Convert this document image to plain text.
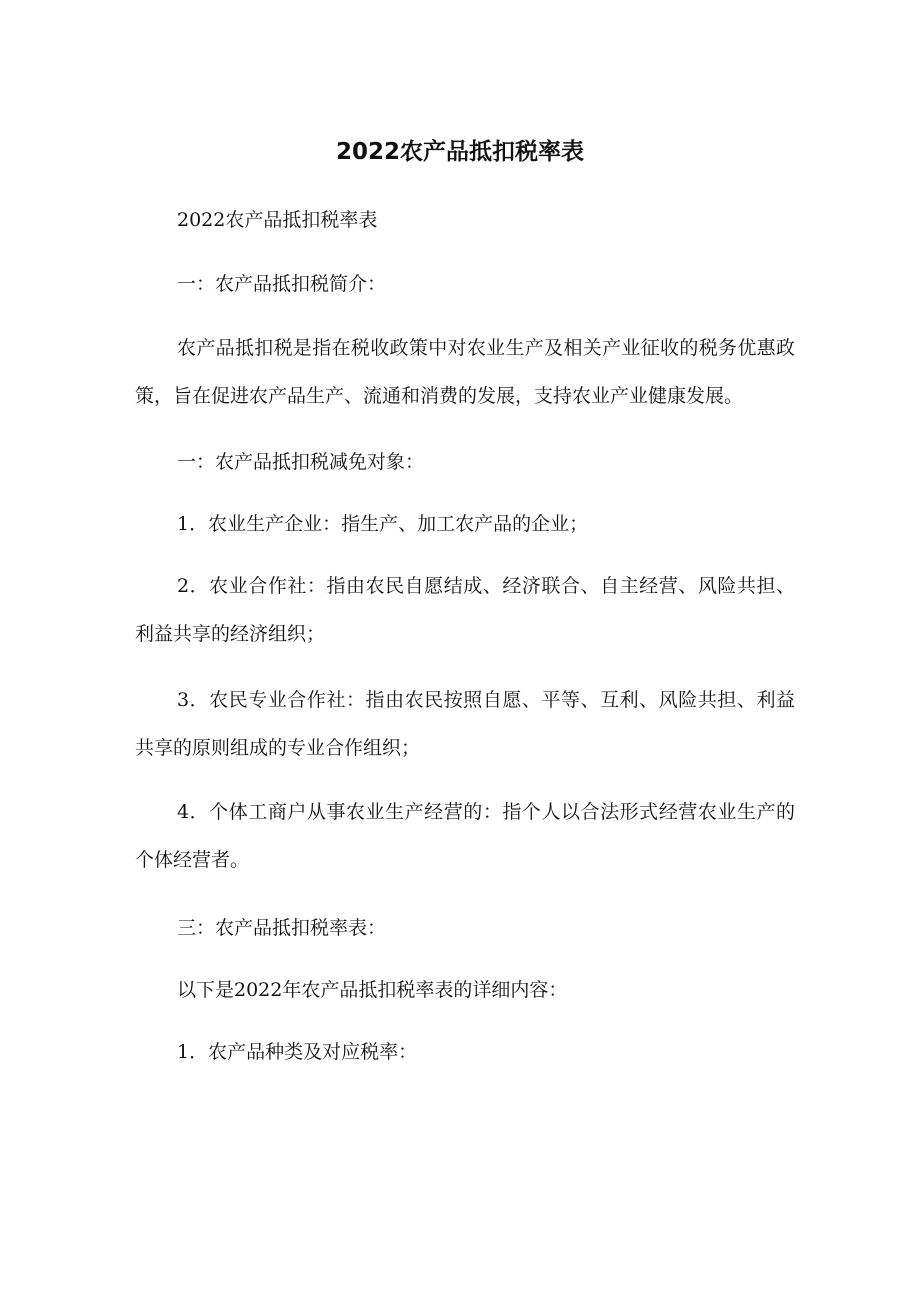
2022农产品抵扣税率表

2022农产品抵扣税率表

一：农产品抵扣税简介：

农产品抵扣税是指在税收政策中对农业生产及相关产业征收的税务优惠政策，旨在促进农产品生产、流通和消费的发展，支持农业产业健康发展。

一：农产品抵扣税减免对象：

1．农业生产企业：指生产、加工农产品的企业；

2．农业合作社：指由农民自愿结成、经济联合、自主经营、风险共担、利益共享的经济组织；

3．农民专业合作社：指由农民按照自愿、平等、互利、风险共担、利益共享的原则组成的专业合作组织；

4．个体工商户从事农业生产经营的：指个人以合法形式经营农业生产的个体经营者。

三：农产品抵扣税率表：

以下是2022年农产品抵扣税率表的详细内容：

1．农产品种类及对应税率：
